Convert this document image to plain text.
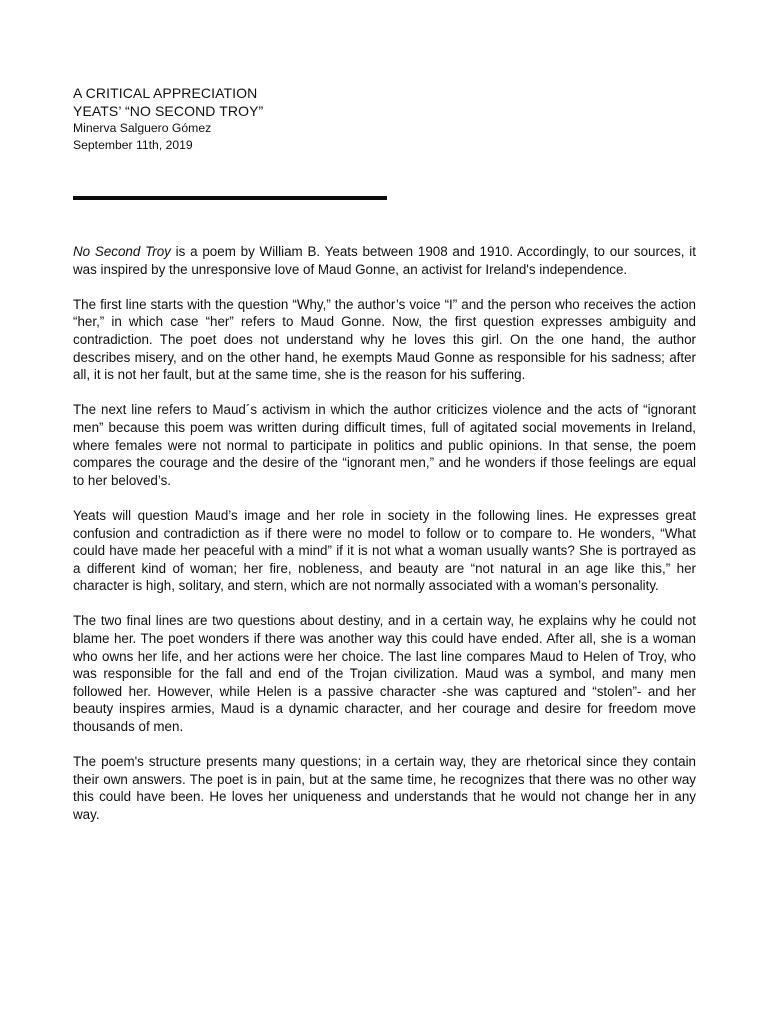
A CRITICAL APPRECIATION
YEATS’ “NO SECOND TROY”
Minerva Salguero Gómez
September 11th, 2019

No Second Troy is a poem by William B. Yeats between 1908 and 1910. Accordingly, to our sources, it was inspired by the unresponsive love of Maud Gonne, an activist for Ireland's independence.

The first line starts with the question “Why,” the author’s voice “I” and the person who receives the action “her,” in which case “her” refers to Maud Gonne. Now, the first question expresses ambiguity and contradiction. The poet does not understand why he loves this girl. On the one hand, the author describes misery, and on the other hand, he exempts Maud Gonne as responsible for his sadness; after all, it is not her fault, but at the same time, she is the reason for his suffering.

The next line refers to Maud´s activism in which the author criticizes violence and the acts of “ignorant men” because this poem was written during difficult times, full of agitated social movements in Ireland, where females were not normal to participate in politics and public opinions. In that sense, the poem compares the courage and the desire of the “ignorant men,” and he wonders if those feelings are equal to her beloved’s.

Yeats will question Maud’s image and her role in society in the following lines. He expresses great confusion and contradiction as if there were no model to follow or to compare to. He wonders, “What could have made her peaceful with a mind” if it is not what a woman usually wants? She is portrayed as a different kind of woman; her fire, nobleness, and beauty are “not natural in an age like this,” her character is high, solitary, and stern, which are not normally associated with a woman’s personality.

The two final lines are two questions about destiny, and in a certain way, he explains why he could not blame her. The poet wonders if there was another way this could have ended. After all, she is a woman who owns her life, and her actions were her choice. The last line compares Maud to Helen of Troy, who was responsible for the fall and end of the Trojan civilization. Maud was a symbol, and many men followed her. However, while Helen is a passive character -she was captured and “stolen”- and her beauty inspires armies, Maud is a dynamic character, and her courage and desire for freedom move thousands of men.

The poem's structure presents many questions; in a certain way, they are rhetorical since they contain their own answers. The poet is in pain, but at the same time, he recognizes that there was no other way this could have been. He loves her uniqueness and understands that he would not change her in any way.
